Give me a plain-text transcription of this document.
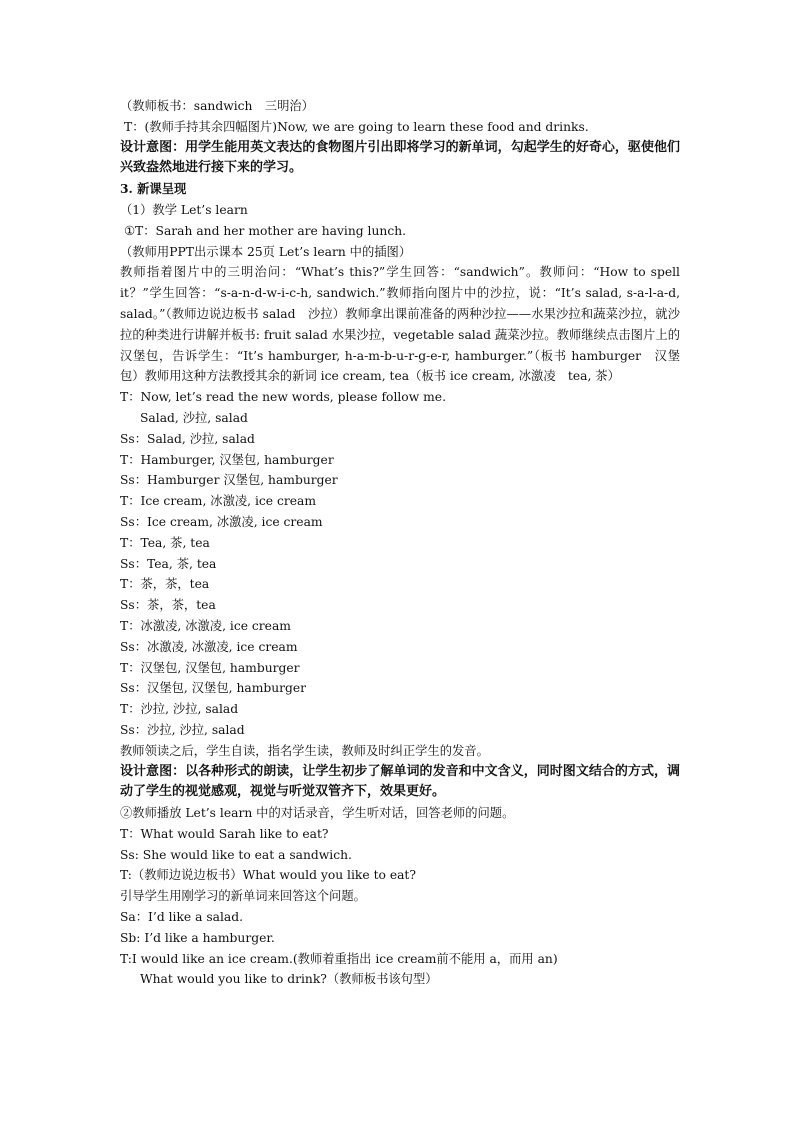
（教师板书：sandwich　三明治）
T：(教师手持其余四幅图片)Now, we are going to learn these food and drinks.
设计意图：用学生能用英文表达的食物图片引出即将学习的新单词，勾起学生的好奇心，驱使他们兴致盎然地进行接下来的学习。
3. 新课呈现
（1）教学 Let’s learn
①T：Sarah and her mother are having lunch.
（教师用PPT出示课本 25页 Let’s learn 中的插图）
教师指着图片中的三明治问：“What’s this?”学生回答：“sandwich”。教师问：“How to spell it？”学生回答：“s-a-n-d-w-i-c-h, sandwich.”教师指向图片中的沙拉，说：“It’s salad, s-a-l-a-d, salad。”（教师边说边板书 salad　沙拉）教师拿出课前准备的两种沙拉——水果沙拉和蔬菜沙拉，就沙拉的种类进行讲解并板书: fruit salad 水果沙拉，vegetable salad 蔬菜沙拉。教师继续点击图片上的汉堡包，告诉学生：“It’s hamburger, h-a-m-b-u-r-g-e-r, hamburger.”（板书 hamburger　汉堡包）教师用这种方法教授其余的新词 ice cream, tea（板书 ice cream, 冰激凌　tea, 茶）
T：Now, let’s read the new words, please follow me.
Salad, 沙拉, salad
Ss：Salad, 沙拉, salad
T：Hamburger, 汉堡包, hamburger
Ss：Hamburger 汉堡包, hamburger
T：Ice cream, 冰激凌, ice cream
Ss：Ice cream, 冰激凌, ice cream
T：Tea, 茶, tea
Ss：Tea, 茶, tea
T：茶，茶，tea
Ss：茶，茶，tea
T：冰激凌, 冰激凌, ice cream
Ss：冰激凌, 冰激凌, ice cream
T：汉堡包, 汉堡包, hamburger
Ss：汉堡包, 汉堡包, hamburger
T：沙拉, 沙拉, salad
Ss：沙拉, 沙拉, salad
教师领读之后，学生自读，指名学生读，教师及时纠正学生的发音。
设计意图：以各种形式的朗读，让学生初步了解单词的发音和中文含义，同时图文结合的方式，调动了学生的视觉感观，视觉与听觉双管齐下，效果更好。
②教师播放 Let’s learn 中的对话录音，学生听对话，回答老师的问题。
T：What would Sarah like to eat?
Ss: She would like to eat a sandwich.
T:（教师边说边板书）What would you like to eat?
引导学生用刚学习的新单词来回答这个问题。
Sa：I’d like a salad.
Sb: I’d like a hamburger.
T:I would like an ice cream.(教师着重指出 ice cream前不能用 a，而用 an)
What would you like to drink?（教师板书该句型）
